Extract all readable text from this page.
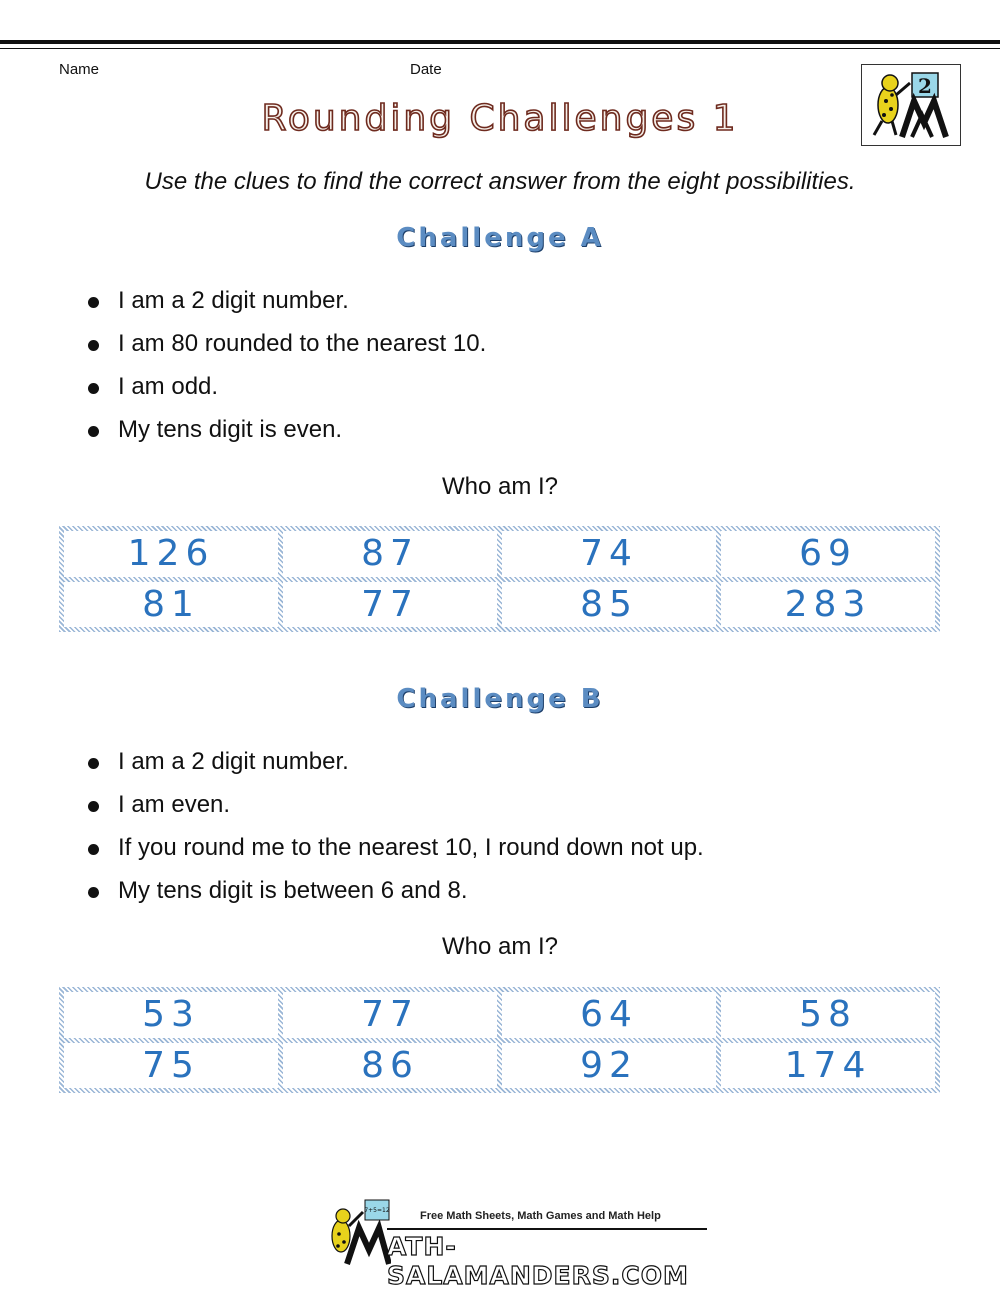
Name	Date
2
Rounding Challenges 1
Use the clues to find the correct answer from the eight possibilities.
Challenge A
I am a 2 digit number.
I am 80 rounded to the nearest 10.
I am odd.
My tens digit is even.
Who am I?
126	87	74	69
81	77	85	283
Challenge B
I am a 2 digit number.
I am even.
If you round me to the nearest 10, I round down not up.
My tens digit is between 6 and 8.
Who am I?
53	77	64	58
75	86	92	174
7+5=12	Free Math Sheets, Math Games and Math Help
ATH-SALAMANDERS.COM
